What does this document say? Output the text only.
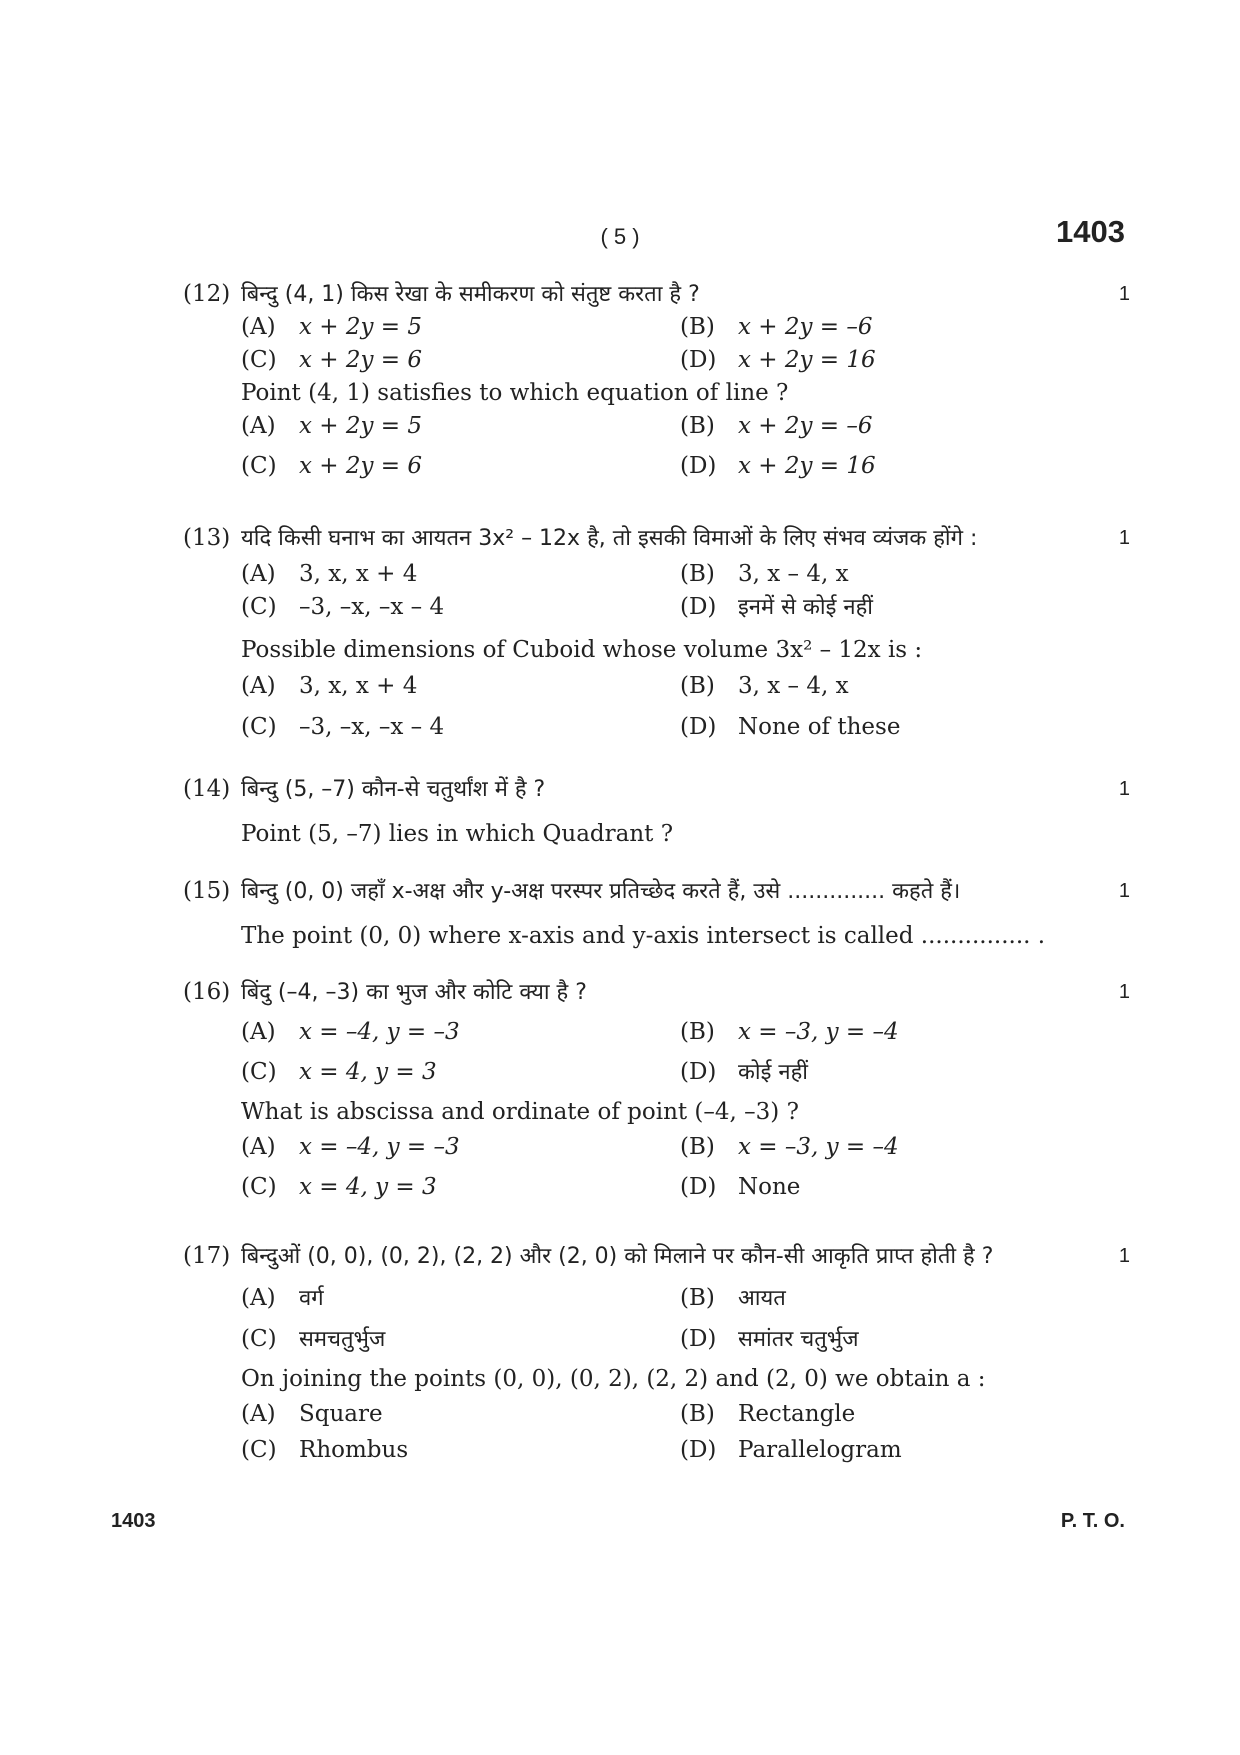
( 5 )	1403
(12) बिन्दु (4, 1) किस रेखा के समीकरण को संतुष्ट करता है ?	1
(A) x + 2y = 5	(B) x + 2y = –6
(C) x + 2y = 6	(D) x + 2y = 16
Point (4, 1) satisfies to which equation of line ?
(A) x + 2y = 5	(B) x + 2y = –6
(C) x + 2y = 6	(D) x + 2y = 16
(13) यदि किसी घनाभ का आयतन 3x² – 12x है, तो इसकी विमाओं के लिए संभव व्यंजक होंगे :	1
(A) 3, x, x + 4	(B) 3, x – 4, x
(C) –3, –x, –x – 4	(D) इनमें से कोई नहीं
Possible dimensions of Cuboid whose volume 3x² – 12x is :
(A) 3, x, x + 4	(B) 3, x – 4, x
(C) –3, –x, –x – 4	(D) None of these
(14) बिन्दु (5, –7) कौन-से चतुर्थांश में है ?	1
Point (5, –7) lies in which Quadrant ?
(15) बिन्दु (0, 0) जहाँ x-अक्ष और y-अक्ष परस्पर प्रतिच्छेद करते हैं, उसे .............. कहते हैं।	1
The point (0, 0) where x-axis and y-axis intersect is called ............... .
(16) बिंदु (–4, –3) का भुज और कोटि क्या है ?	1
(A) x = –4, y = –3	(B) x = –3, y = –4
(C) x = 4, y = 3	(D) कोई नहीं
What is abscissa and ordinate of point (–4, –3) ?
(A) x = –4, y = –3	(B) x = –3, y = –4
(C) x = 4, y = 3	(D) None
(17) बिन्दुओं (0, 0), (0, 2), (2, 2) और (2, 0) को मिलाने पर कौन-सी आकृति प्राप्त होती है ?	1
(A) वर्ग	(B) आयत
(C) समचतुर्भुज	(D) समांतर चतुर्भुज
On joining the points (0, 0), (0, 2), (2, 2) and (2, 0) we obtain a :
(A) Square	(B) Rectangle
(C) Rhombus	(D) Parallelogram
1403	P. T. O.
